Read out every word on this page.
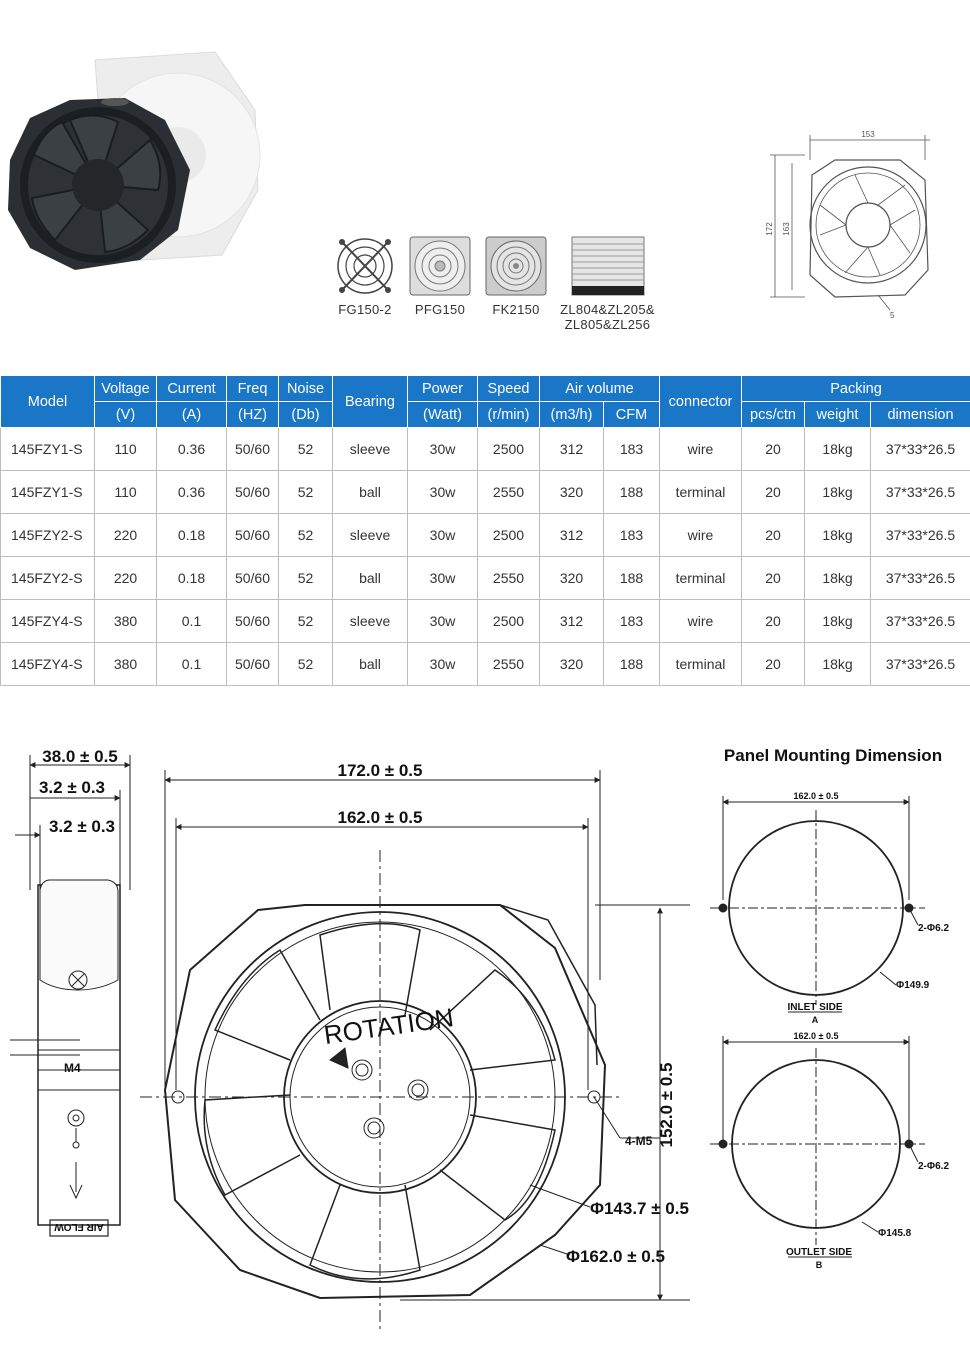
FG150-2	PFG150	FK2150	ZL804&ZL205&
ZL805&ZL256
153
172 163
5
Model	Voltage	Current	Freq	Noise	Bearing	Power	Speed	Air volume		connector	Packing		
	(V)	(A)	(HZ)	(Db)		(Watt)	(r/min)	(m3/h)	CFM		pcs/ctn	weight	dimension
145FZY1-S	110	0.36	50/60	52	sleeve	30w	2500	312	183	wire	20	18kg	37*33*26.5
145FZY1-S	110	0.36	50/60	52	ball	30w	2550	320	188	terminal	20	18kg	37*33*26.5
145FZY2-S	220	0.18	50/60	52	sleeve	30w	2500	312	183	wire	20	18kg	37*33*26.5
145FZY2-S	220	0.18	50/60	52	ball	30w	2550	320	188	terminal	20	18kg	37*33*26.5
145FZY4-S	380	0.1	50/60	52	sleeve	30w	2500	312	183	wire	20	18kg	37*33*26.5
145FZY4-S	380	0.1	50/60	52	ball	30w	2550	320	188	terminal	20	18kg	37*33*26.5
38.0 ± 0.5
3.2 ± 0.3
3.2 ± 0.3
M4
AIR FLOW
172.0 ± 0.5
162.0 ± 0.5
152.0 ± 0.5
ROTATION
4-M5
Φ143.7 ± 0.5
Φ162.0 ± 0.5
Panel Mounting Dimension
162.0 ± 0.5
2-Φ6.2
Φ149.9
INLET SIDE
A
162.0 ± 0.5
2-Φ6.2
Φ145.8
OUTLET SIDE
B
